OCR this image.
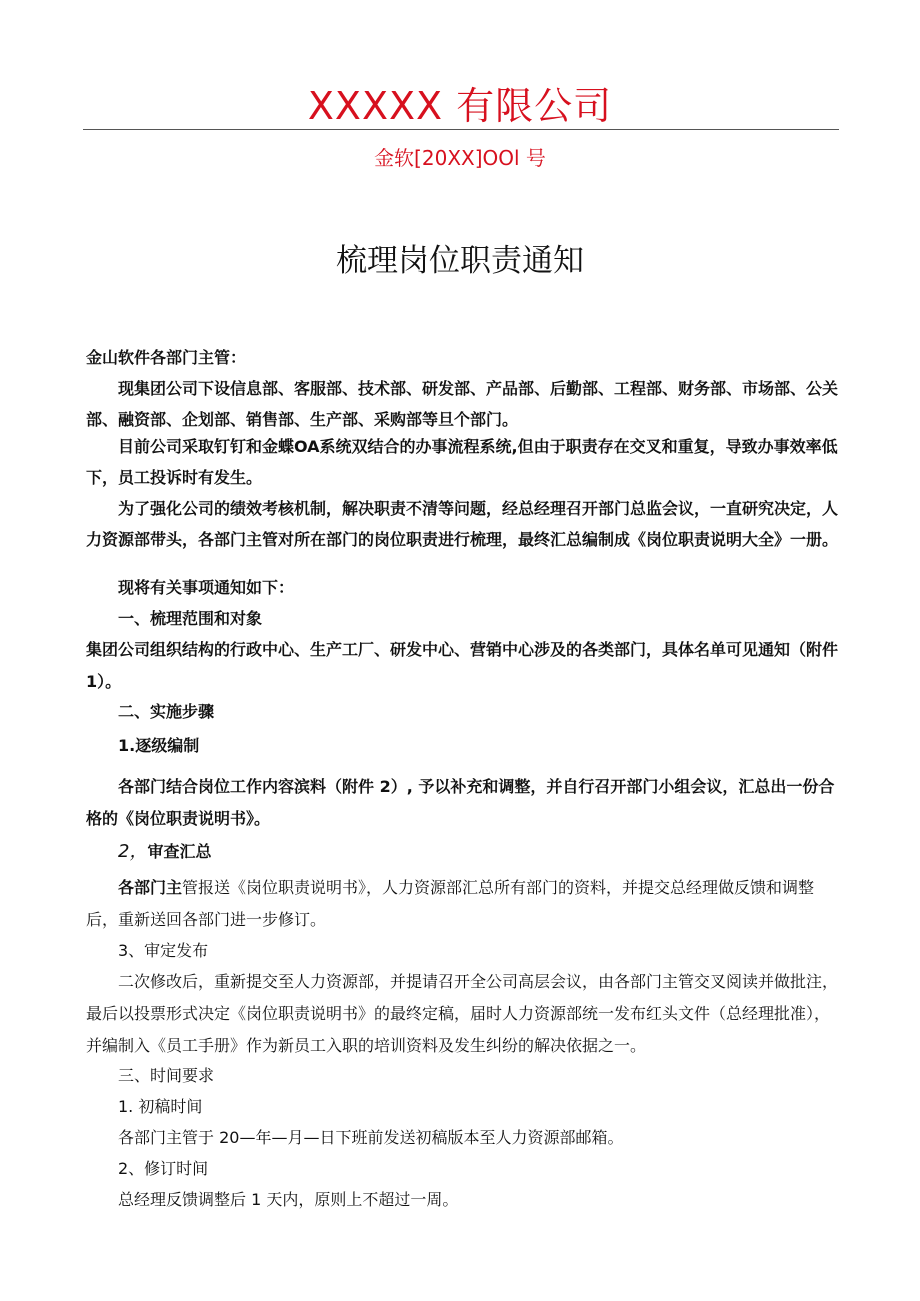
XXXXX 有限公司
金软[20XX]OOl 号
梳理岗位职责通知

金山软件各部门主管：

现集团公司下设信息部、客服部、技术部、研发部、产品部、后勤部、工程部、财务部、市场部、公关部、融资部、企划部、销售部、生产部、采购部等旦个部门。

目前公司采取钉钉和金蝶OA系统双结合的办事流程系统,但由于职责存在交叉和重复，导致办事效率低下，员工投诉时有发生。

为了强化公司的绩效考核机制，解决职责不清等问题，经总经理召开部门总监会议，一直研究决定，人力资源部带头，各部门主管对所在部门的岗位职责进行梳理，最终汇总编制成《岗位职责说明大全》一册。

现将有关事项通知如下：

一、梳理范围和对象

集团公司组织结构的行政中心、生产工厂、研发中心、营销中心涉及的各类部门，具体名单可见通知（附件 1）。

二、实施步骤

1.逐级编制

各部门结合岗位工作内容滨料（附件 2）, 予以补充和调整，并自行召开部门小组会议，汇总出一份合格的《岗位职责说明书》。

2，审查汇总

各部门主管报送《岗位职责说明书》，人力资源部汇总所有部门的资料，并提交总经理做反馈和调整后，重新送回各部门进一步修订。

3、审定发布

二次修改后，重新提交至人力资源部，并提请召开全公司高层会议，由各部门主管交叉阅读并做批注，最后以投票形式决定《岗位职责说明书》的最终定稿，届时人力资源部统一发布红头文件（总经理批准），并编制入《员工手册》作为新员工入职的培训资料及发生纠纷的解决依据之一。

三、时间要求

1. 初稿时间

各部门主管于 20—年—月—日下班前发送初稿版本至人力资源部邮箱。

2、修订时间

总经理反馈调整后 1 天内，原则上不超过一周。
